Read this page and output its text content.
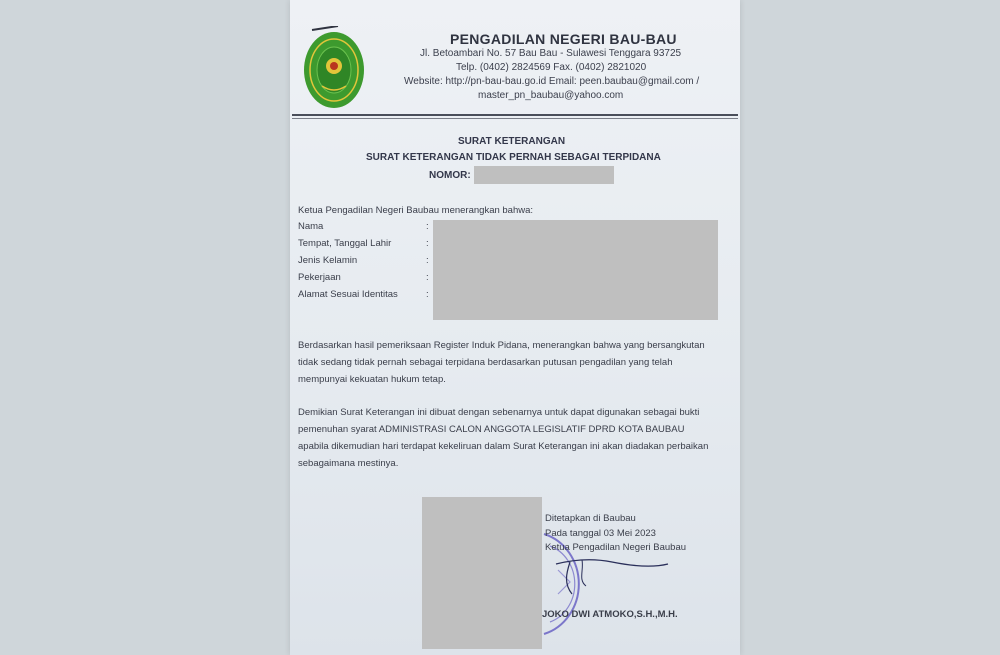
PENGADILAN NEGERI BAU-BAU
Jl. Betoambari No. 57 Bau Bau - Sulawesi Tenggara 93725
Telp. (0402) 2824569 Fax. (0402) 2821020
Website: http://pn-bau-bau.go.id Email: peen.baubau@gmail.com /
master_pn_baubau@yahoo.com
SURAT KETERANGAN
SURAT KETERANGAN TIDAK PERNAH SEBAGAI TERPIDANA
NOMOR:
Ketua Pengadilan Negeri Baubau menerangkan bahwa:
Nama
Tempat, Tanggal Lahir
Jenis Kelamin
Pekerjaan
Alamat Sesuai Identitas
:
:
:
:
:
Berdasarkan hasil pemeriksaan Register Induk Pidana, menerangkan bahwa yang bersangkutan
tidak sedang tidak pernah sebagai terpidana berdasarkan putusan pengadilan yang telah
mempunyai kekuatan hukum tetap.
Demikian Surat Keterangan ini dibuat dengan sebenarnya untuk dapat digunakan sebagai bukti
pemenuhan syarat ADMINISTRASI CALON ANGGOTA LEGISLATIF DPRD KOTA BAUBAU
apabila dikemudian hari terdapat kekeliruan dalam Surat Keterangan ini akan diadakan perbaikan
sebagaimana mestinya.
Ditetapkan di Baubau
Pada tanggal 03 Mei 2023
Ketua Pengadilan Negeri Baubau
JOKO DWI ATMOKO,S.H.,M.H.
